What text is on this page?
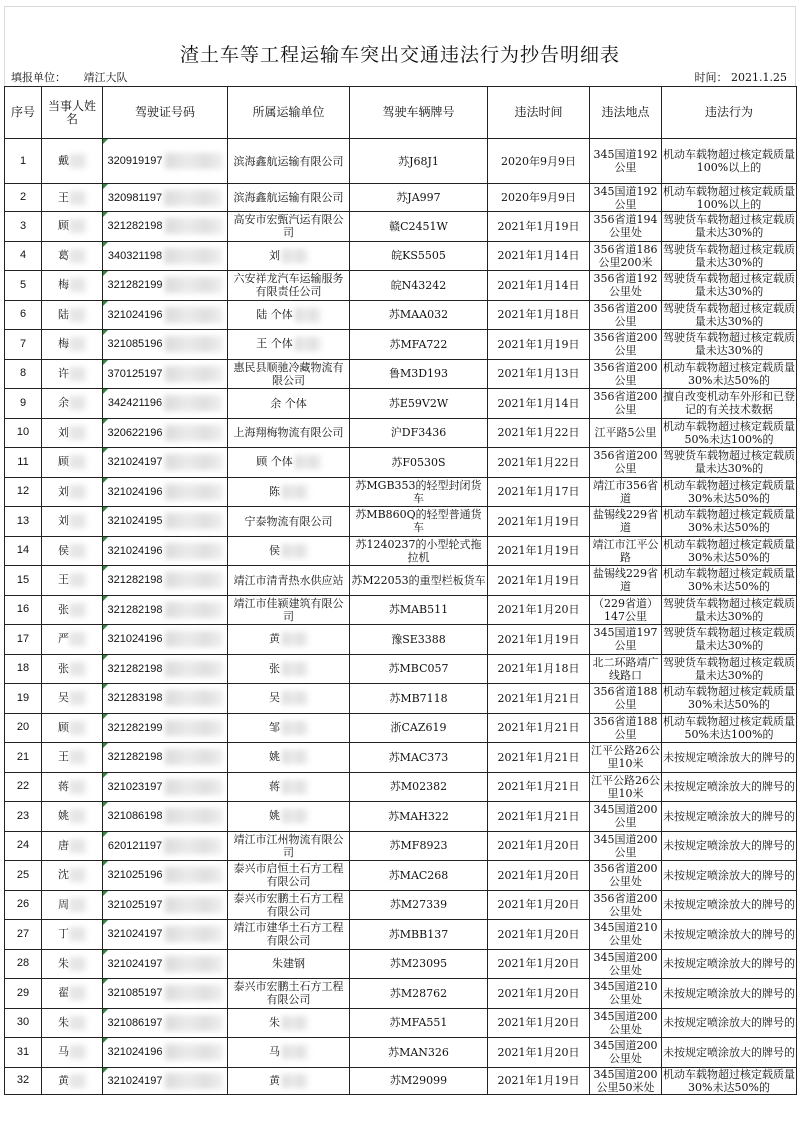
渣土车等工程运输车突出交通违法行为抄告明细表
填报单位： 靖江大队	时间： 2021.1.25
序号	当事人姓名	驾驶证号码	所属运输单位	驾驶车辆牌号	违法时间	违法地点	违法行为
1	戴	320919197	滨海鑫航运输有限公司	苏J68J1	2020年9月9日	345国道192公里	机动车载物超过核定载质量100%以上的
2	王	320981197	滨海鑫航运输有限公司	苏JA997	2020年9月9日	345国道192公里	机动车载物超过核定载质量100%以上的
3	顾	321282198	高安市宏甄汽运有限公司	赣C2451W	2021年1月19日	356省道194公里处	驾驶货车载物超过核定载质量未达30%的
4	葛	340321198	刘	皖KS5505	2021年1月14日	356省道186公里200米	驾驶货车载物超过核定载质量未达30%的
5	梅	321282199	六安祥龙汽车运输服务有限责任公司	皖N43242	2021年1月14日	356省道192公里处	驾驶货车载物超过核定载质量未达30%的
6	陆	321024196	陆 个体	苏MAA032	2021年1月18日	356省道200公里	驾驶货车载物超过核定载质量未达30%的
7	梅	321085196	王 个体	苏MFA722	2021年1月19日	356省道200公里	驾驶货车载物超过核定载质量未达30%的
8	许	370125197	惠民县顺驰冷藏物流有限公司	鲁M3D193	2021年1月13日	356省道200公里	机动车载物超过核定载质量30%未达50%的
9	余	342421196	余 个体	苏E59V2W	2021年1月14日	356省道200公里	擅自改变机动车外形和已登记的有关技术数据
10	刘	320622196	上海翔梅物流有限公司	沪DF3436	2021年1月22日	江平路5公里	机动车载物超过核定载质量50%未达100%的
11	顾	321024197	顾 个体	苏F0530S	2021年1月22日	356省道200公里	驾驶货车载物超过核定载质量未达30%的
12	刘	321024196	陈	苏MGB353的轻型封闭货车	2021年1月17日	靖江市356省道	机动车载物超过核定载质量30%未达50%的
13	刘	321024195	宁泰物流有限公司	苏MB860Q的轻型普通货车	2021年1月19日	盐锡线229省道	机动车载物超过核定载质量30%未达50%的
14	侯	321024196	侯	苏1240237的小型轮式拖拉机	2021年1月19日	靖江市江平公路	机动车载物超过核定载质量30%未达50%的
15	王	321282198	靖江市清青热水供应站	苏M22053的重型栏板货车	2021年1月19日	盐锡线229省道	机动车载物超过核定载质量30%未达50%的
16	张	321282198	靖江市佳颍建筑有限公司	苏MAB511	2021年1月20日	（229省道）147公里	驾驶货车载物超过核定载质量未达30%的
17	严	321024196	黄	豫SE3388	2021年1月19日	345国道197公里	驾驶货车载物超过核定载质量未达30%的
18	张	321282198	张	苏MBC057	2021年1月18日	北二环路靖广线路口	驾驶货车载物超过核定载质量未达30%的
19	吴	321283198	吴	苏MB7118	2021年1月21日	356省道188公里	机动车载物超过核定载质量30%未达50%的
20	顾	321282199	邹	浙CAZ619	2021年1月21日	356省道188公里	机动车载物超过核定载质量50%未达100%的
21	王	321282198	姚	苏MAC373	2021年1月21日	江平公路26公里10米	未按规定喷涂放大的牌号的
22	蒋	321023197	蒋	苏M02382	2021年1月21日	江平公路26公里10米	未按规定喷涂放大的牌号的
23	姚	321086198	姚	苏MAH322	2021年1月21日	345国道200公里	未按规定喷涂放大的牌号的
24	唐	620121197	靖江市江州物流有限公司	苏MF8923	2021年1月20日	345国道200公里	未按规定喷涂放大的牌号的
25	沈	321025196	泰兴市启恒土石方工程有限公司	苏MAC268	2021年1月20日	356省道200公里处	未按规定喷涂放大的牌号的
26	周	321025197	泰兴市宏鹏土石方工程有限公司	苏M27339	2021年1月20日	356省道200公里处	未按规定喷涂放大的牌号的
27	丁	321024197	靖江市建华土石方工程有限公司	苏MBB137	2021年1月20日	345国道210公里处	未按规定喷涂放大的牌号的
28	朱	321024197	朱建钢	苏M23095	2021年1月20日	345国道200公里处	未按规定喷涂放大的牌号的
29	翟	321085197	泰兴市宏鹏土石方工程有限公司	苏M28762	2021年1月20日	345国道210公里处	未按规定喷涂放大的牌号的
30	朱	321086197	朱	苏MFA551	2021年1月20日	345国道200公里处	未按规定喷涂放大的牌号的
31	马	321024196	马	苏MAN326	2021年1月20日	345国道200公里处	未按规定喷涂放大的牌号的
32	黄	321024197	黄	苏M29099	2021年1月19日	345国道200公里50米处	机动车载物超过核定载质量30%未达50%的
